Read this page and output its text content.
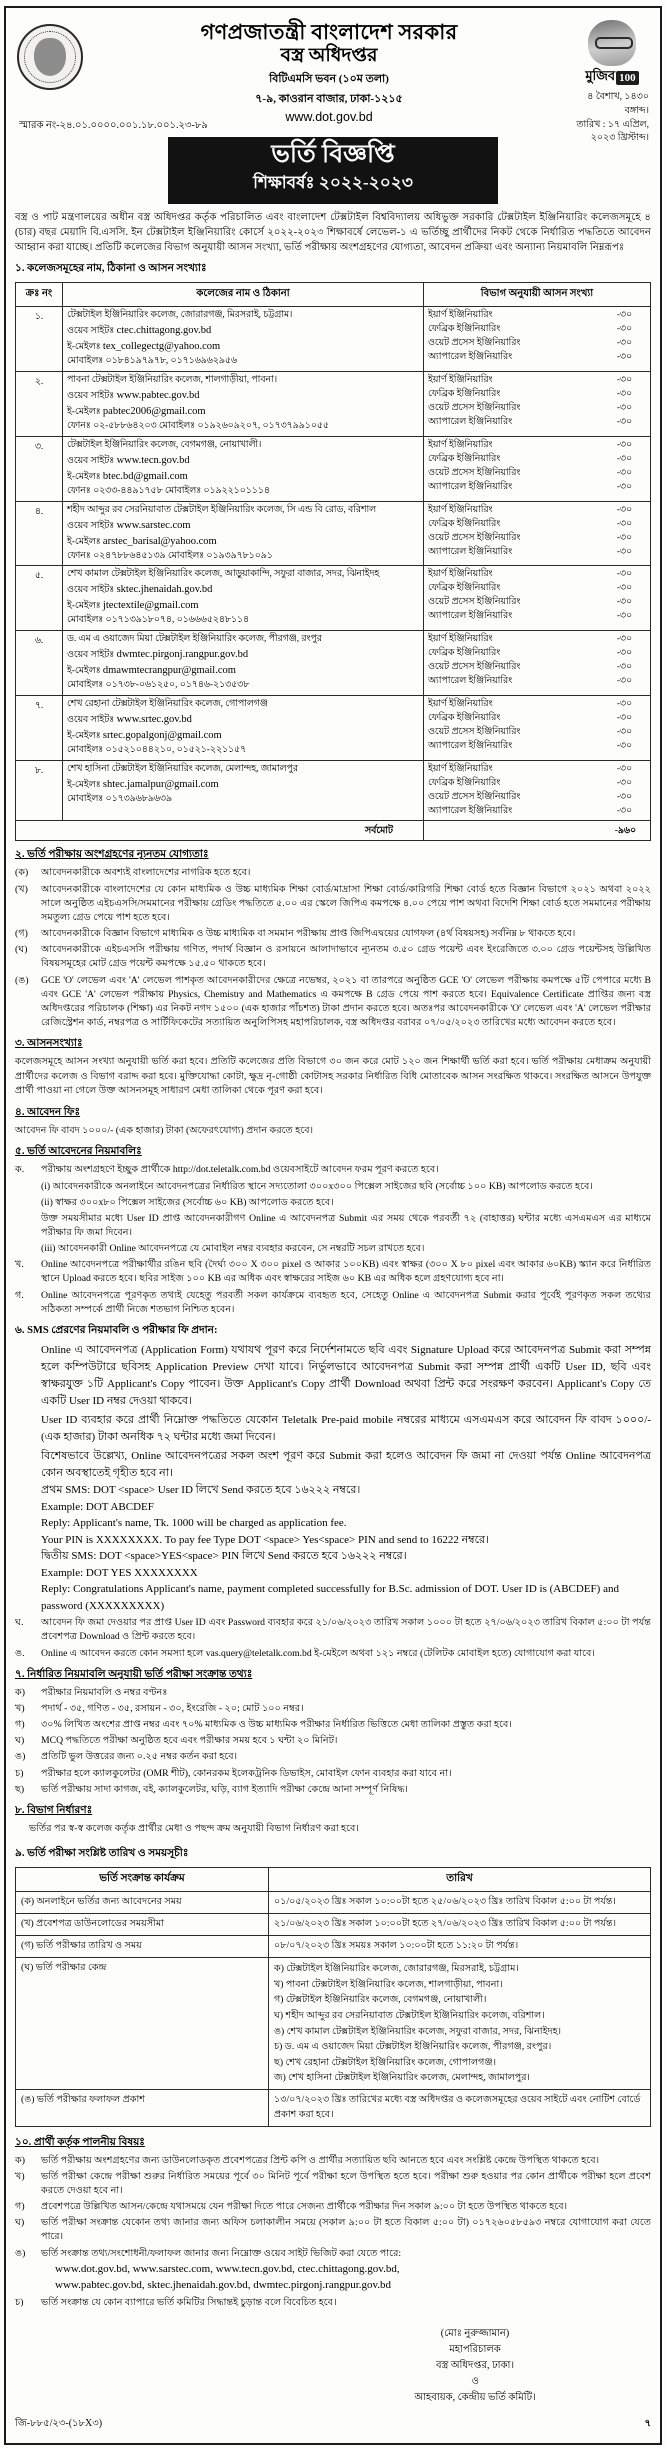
গণপ্রজাতন্ত্রী বাংলাদেশ সরকার
বস্ত্র অধিদপ্তর
বিটিএমসি ভবন (১০ম তলা)
৭-৯, কাওরান বাজার, ঢাকা-১২১৫
www.dot.gov.bd
মুজিব 100
৪ বৈশাখ, ১৪৩০ বঙ্গাব্দ।
তারিখ : ১৭ এপ্রিল, ২০২৩ খ্রিস্টাব্দ।
স্মারক নং-২৪.০১.০০০০.০০১.১৮.০০১.২৩-৮৯
ভর্তি বিজ্ঞপ্তি
শিক্ষাবর্ষঃ ২০২২-২০২৩
বস্ত্র ও পাট মন্ত্রণালয়ের অধীন বস্ত্র অধিদপ্তর কর্তৃক পরিচালিত এবং বাংলাদেশ টেক্সটাইল বিশ্ববিদ্যালয় অধিভুক্ত সরকারি টেক্সটাইল ইঞ্জিনিয়ারিং কলেজসমূহে ৪ (চার) বছর মেয়াদি বি.এসসি. ইন টেক্সটাইল ইঞ্জিনিয়ারিং কোর্সে ২০২২-২০২৩ শিক্ষাবর্ষে লেভেল-১ এ ভর্তিচ্ছু প্রার্থীদের নিকট থেকে নির্ধারিত পদ্ধতিতে আবেদন আহ্বান করা যাচ্ছে। প্রতিটি কলেজের বিভাগ অনুযায়ী আসন সংখ্যা, ভর্তি পরীক্ষায় অংশগ্রহণের যোগ্যতা, আবেদন প্রক্রিয়া এবং অন্যান্য নিয়মাবলি নিম্নরূপঃ
১. কলেজসমূহের নাম, ঠিকানা ও আসন সংখ্যাঃ
ক্রঃ নং	কলেজের নাম ও ঠিকানা	বিভাগ অনুযায়ী আসন সংখ্যা
১.	টেক্সটাইল ইঞ্জিনিয়ারিং কলেজ, জোরারগঞ্জ, মিরসরাই, চট্টগ্রাম।
ওয়েব সাইটঃ ctec.chittagong.gov.bd
ই-মেইলঃ tex_collegectg@yahoo.com
মোবাইলঃ ০১৮৪১৯৭৯৭৮, ০১৭১৬৯৬২৯৫৬

ইয়ার্ণ ইঞ্জিনিয়ারিং	-৩০
ফেব্রিক ইঞ্জিনিয়ারিং	-৩০
ওয়েট প্রসেস ইঞ্জিনিয়ারিং	-৩০
অ্যাপারেল ইঞ্জিনিয়ারিং	-৩০

২.	পাবনা টেক্সটাইল ইঞ্জিনিয়ারিং কলেজ, শালগাড়ীয়া, পাবনা।
ওয়েব সাইটঃ www.pabtec.gov.bd
ই-মেইলঃ pabtec2006@gmail.com
ফোনঃ ০২-৫৮৮৬৪২০৩ মোবাইলঃ ০১৯২৬০৯২০৭, ০১৭৩৭৯৯১০৫৫

ইয়ার্ণ ইঞ্জিনিয়ারিং	-৩০
ফেব্রিক ইঞ্জিনিয়ারিং	-৩০
ওয়েট প্রসেস ইঞ্জিনিয়ারিং	-৩০
অ্যাপারেল ইঞ্জিনিয়ারিং	-৩০

৩.	টেক্সটাইল ইঞ্জিনিয়ারিং কলেজ, বেগমগঞ্জ, নোয়াখালী।
ওয়েব সাইটঃ www.tecn.gov.bd
ই-মেইলঃ btec.bd@gmail.com
ফোনঃ ০২৩৩-৪৪৯১৭৫৮ মোবাইলঃ ০১৯২২১০১১১৪

ইয়ার্ণ ইঞ্জিনিয়ারিং	-৩০
ফেব্রিক ইঞ্জিনিয়ারিং	-৩০
ওয়েট প্রসেস ইঞ্জিনিয়ারিং	-৩০
অ্যাপারেল ইঞ্জিনিয়ারিং	-৩০

৪.	শহীদ আব্দুর রব সেরনিয়াবাত টেক্সটাইল ইঞ্জিনিয়ারিং কলেজ, সি এন্ড বি রোড, বরিশাল
ওয়েব সাইটঃ www.sarstec.com
ই-মেইলঃ arstec_barisal@yahoo.com
ফোনঃ ০২৪৭৮৮৬৪৫১৩৯ মোবাইলঃ ০১৯৩৯৭৮১০৯১

ইয়ার্ণ ইঞ্জিনিয়ারিং	-৩০
ফেব্রিক ইঞ্জিনিয়ারিং	-৩০
ওয়েট প্রসেস ইঞ্জিনিয়ারিং	-৩০
অ্যাপারেল ইঞ্জিনিয়ারিং	-৩০

৫.	শেখ কামাল টেক্সটাইল ইঞ্জিনিয়ারিং কলেজ, আড়ুয়াকান্দি, সফুরা বাজার, সদর, ঝিনাইদহ
ওয়েব সাইটঃ sktec.jhenaidah.gov.bd
ই-মেইলঃ jtectextile@gmail.com
মোবাইলঃ ০১৭১৩৯১৮০৭৪, ০১৬৬৬৫২৪৮১১৪

ইয়ার্ণ ইঞ্জিনিয়ারিং	-৩০
ফেব্রিক ইঞ্জিনিয়ারিং	-৩০
ওয়েট প্রসেস ইঞ্জিনিয়ারিং	-৩০
অ্যাপারেল ইঞ্জিনিয়ারিং	-৩০

৬.	ড. এম এ ওয়াজেদ মিয়া টেক্সটাইল ইঞ্জিনিয়ারিং কলেজ, পীরগঞ্জ, রংপুর
ওয়েব সাইটঃ dwmtec.pirgonj.rangpur.gov.bd
ই-মেইলঃ dmawmtecrangpur@gmail.com
মোবাইলঃ ০১৭৩৮-০৬১২৫০, ০১৭৪৬-২১৩৫৩৮

ইয়ার্ণ ইঞ্জিনিয়ারিং	-৩০
ফেব্রিক ইঞ্জিনিয়ারিং	-৩০
ওয়েট প্রসেস ইঞ্জিনিয়ারিং	-৩০
অ্যাপারেল ইঞ্জিনিয়ারিং	-৩০

৭.	শেখ রেহানা টেক্সটাইল ইঞ্জিনিয়ারিং কলেজ, গোপালগঞ্জ
ওয়েব সাইটঃ www.srtec.gov.bd
ই-মেইলঃ srtec.gopalgonj@gmail.com
মোবাইলঃ ০১৫২১০৪৪২১০, ০১৫২১-২২১১৫৭

ইয়ার্ণ ইঞ্জিনিয়ারিং	-৩০
ফেব্রিক ইঞ্জিনিয়ারিং	-৩০
ওয়েট প্রসেস ইঞ্জিনিয়ারিং	-৩০
অ্যাপারেল ইঞ্জিনিয়ারিং	-৩০

৮.	শেখ হাসিনা টেক্সটাইল ইঞ্জিনিয়ারিং কলেজ, মেলান্দহ, জামালপুর
ই-মেইলঃ shtec.jamalpur@gmail.com
মোবাইলঃ ০১৭৩৯৬৮৯৬৩৯

ইয়ার্ণ ইঞ্জিনিয়ারিং	-৩০
ফেব্রিক ইঞ্জিনিয়ারিং	-৩০
ওয়েট প্রসেস ইঞ্জিনিয়ারিং	-৩০
অ্যাপারেল ইঞ্জিনিয়ারিং	-৩০

সর্বমোট		-৯৬০
২. ভর্তি পরীক্ষায় অংশগ্রহণের ন্যূনতম যোগ্যতাঃ
(ক)	আবেদনকারীকে অবশ্যই বাংলাদেশের নাগরিক হতে হবে।
(খ)	আবেদনকারীকে বাংলাদেশের যে কোন মাধ্যমিক ও উচ্চ মাধ্যমিক শিক্ষা বোর্ড/মাদ্রাসা শিক্ষা বোর্ড/কারিগরি শিক্ষা বোর্ড হতে বিজ্ঞান বিভাগে ২০২১ অথবা ২০২২ সালে অনুষ্ঠিত এইচএসসি/সমমানের পরীক্ষায় গ্রেডিং পদ্ধতিতে ৫.০০ এর স্কেলে জিপিএ কমপক্ষে ৪.০০ পেয়ে পাশ অথবা বিদেশি শিক্ষা বোর্ড হতে সমমানের পরীক্ষায় সমতুল্য গ্রেড পেয়ে পাশ হতে হবে।
(গ)	আবেদনকারীকে বিজ্ঞান বিভাগে মাধ্যমিক ও উচ্চ মাধ্যমিক বা সমমান পরীক্ষায় প্রাপ্ত জিপিএদ্বয়ের যোগফল (৪র্থ বিষয়সহ) সর্বনিম্ন ৮ থাকতে হবে।
(ঘ)	আবেদনকারীকে এইচএসসি পরীক্ষায় গণিত, পদার্থ বিজ্ঞান ও রসায়নে আলাদাভাবে ন্যূনতম ৩.৫০ গ্রেড পয়েন্ট এবং ইংরেজিতে ৩.০০ গ্রেড পয়েন্টসহ উল্লিখিত বিষয়সমূহের মোট গ্রেড পয়েন্ট কমপক্ষে ১৫.৫০ থাকতে হবে।
(ঙ)	GCE 'O' লেভেল এবং 'A' লেভেল পাশকৃত আবেদনকারীদের ক্ষেত্রে নভেম্বর, ২০২১ বা তারপরে অনুষ্ঠিত GCE 'O' লেভেল পরীক্ষায় কমপক্ষে ৫টি পেপারে মধ্যে B এবং GCE 'A' লেভেল পরীক্ষায় Physics, Chemistry and Mathematics এ কমপক্ষে B গ্রেড পেয়ে পাশ করতে হবে। Equivalence Certificate প্রাপ্তির জন্য বস্ত্র অধিদপ্তরের পরিচালক (শিক্ষা) এর নিকট নগদ ১৫০০ (এক হাজার পাঁচশত) টাকা প্রদান করতে হবে। অতঃপর আবেদনকারীকে 'O' লেভেল এবং 'A' লেভেল পরীক্ষার রেজিস্ট্রেশন কার্ড, নম্বরপত্র ও সার্টিফিকেটের সত্যায়িত অনুলিপিসহ মহাপরিচালক, বস্ত্র অধিদপ্তর বরাবর ০৭/০৫/২০২৩ তারিখের মধ্যে আবেদন করতে হবে।
৩. আসনসংখ্যাঃ
কলেজসমূহে আসন সংখ্যা অনুযায়ী ভর্তি করা হবে। প্রতিটি কলেজের প্রতি বিভাগে ৩০ জন করে মোট ১২০ জন শিক্ষার্থী ভর্তি করা হবে। ভর্তি পরীক্ষায় মেধাক্রম অনুযায়ী প্রার্থীদের কলেজ ও বিভাগ বরাদ্দ করা হবে। মুক্তিযোদ্ধা কোটা, ক্ষুদ্র নৃ-গোষ্ঠী কোটাসহ সরকার নির্ধারিত বিধি মোতাবেক আসন সংরক্ষিত থাকবে। সংরক্ষিত আসনে উপযুক্ত প্রার্থী পাওয়া না গেলে উক্ত আসনসমূহ সাধারণ মেধা তালিকা থেকে পূরণ করা হবে।
৪. আবেদন ফিঃ
আবেদন ফি বাবদ ১০০০/- (এক হাজার) টাকা (অফেরৎযোগ্য) প্রদান করতে হবে।
৫. ভর্তি আবেদনের নিয়মাবলিঃ
ক.	পরীক্ষায় অংশগ্রহণে ইচ্ছুক প্রার্থীকে http://dot.teletalk.com.bd ওয়েবসাইটে আবেদন ফরম পূরণ করতে হবে।
(i) আবেদনকারীকে অনলাইনে আবেদনপত্রের নির্ধারিত স্থানে সদ্যতোলা ৩০০x৩০০ পিক্সেল সাইজের ছবি (সর্বোচ্চ ১০০ KB) আপলোড করতে হবে।
(ii) স্বাক্ষর ৩০০x৮০ পিক্সেল সাইজের (সর্বোচ্চ ৬০ KB) আপলোড করতে হবে।
উক্ত সময়সীমার মধ্যে User ID প্রাপ্ত আবেদনকারীগণ Online এ আবেদনপত্র Submit এর সময় থেকে পরবর্তী ৭২ (বাহাত্তর) ঘন্টার মধ্যে এসএমএস এর মাধ্যমে পরীক্ষার ফি জমা দিবেন।
(iii) আবেদনকারী Online আবেদনপত্রে যে মোবাইল নম্বর ব্যবহার করবেন, সে নম্বরটি সচল রাখতে হবে।
খ.	Online আবেদনপত্রে পরীক্ষার্থীর রঙিন ছবি (দৈর্ঘ্য ৩০০ X ৩০০ pixel ও আকার ১০০KB) এবং স্বাক্ষর (৩০০ X ৮০ pixel এবং আকার ৬০KB) স্ক্যান করে নির্ধারিত স্থানে Upload করতে হবে। ছবির সাইজ ১০০ KB এর অধিক এবং স্বাক্ষরের সাইজ ৬০ KB এর অধিক হলে গ্রহণযোগ্য হবে না।
গ.	Online আবেদনপত্রে পূরণকৃত তথ্যই যেহেতু পরবর্তী সকল কার্যক্রমে ব্যবহৃত হবে, সেহেতু Online এ আবেদনপত্র Submit করার পূর্বেই পূরণকৃত সকল তথ্যের সঠিকতা সম্পর্কে প্রার্থী নিজে শতভাগ নিশ্চিত হবেন।
৬. SMS প্রেরণের নিয়মাবলি ও পরীক্ষার ফি প্রদান:
Online এ আবেদনপত্র (Application Form) যথাযথ পূরণ করে নির্দেশনামতে ছবি এবং Signature Upload করে আবেদনপত্র Submit করা সম্পন্ন হলে কম্পিউটারে ছবিসহ Application Preview দেখা যাবে। নির্ভুলভাবে আবেদনপত্র Submit করা সম্পন্ন প্রার্থী একটি User ID, ছবি এবং স্বাক্ষরযুক্ত ১টি Applicant's Copy পাবেন। উক্ত Applicant's Copy প্রার্থী Download অথবা প্রিন্ট করে সংরক্ষণ করবেন। Applicant's Copy তে একটি User ID নম্বর দেওয়া থাকবে।
User ID ব্যবহার করে প্রার্থী নিম্নোক্ত পদ্ধতিতে যেকোন Teletalk Pre-paid mobile নম্বরের মাধ্যমে এসএমএস করে আবেদন ফি বাবদ ১০০০/- (এক হাজার) টাকা অনধিক ৭২ ঘন্টার মধ্যে জমা দিবেন।
বিশেষভাবে উল্লেখ্য, Online আবেদনপত্রের সকল অংশ পূরণ করে Submit করা হলেও আবেদন ফি জমা না দেওয়া পর্যন্ত Online আবেদনপত্র কোন অবস্থাতেই গৃহীত হবে না।
প্রথম SMS: DOT <space> User ID লিখে Send করতে হবে ১৬২২২ নম্বরে।
Example: DOT ABCDEF
Reply: Applicant's name, Tk. 1000 will be charged as application fee.
Your PIN is XXXXXXXX. To pay fee Type DOT <space> Yes<space> PIN and send to 16222 নম্বরে।
দ্বিতীয় SMS: DOT <space>YES<space> PIN লিখে Send করতে হবে ১৬২২২ নম্বরে।
Example: DOT YES XXXXXXXX
Reply: Congratulations Applicant's name, payment completed successfully for B.Sc. admission of DOT. User ID is (ABCDEF) and password (XXXXXXXXX)
ঘ.	আবেদন ফি জমা দেওয়ার পর প্রাপ্ত User ID এবং Password ব্যবহার করে ২১/০৬/২০২৩ তারিখ সকাল ১০০০ টা হতে ২৭/০৬/২০২৩ তারিখ বিকাল ৫:০০ টা পর্যন্ত প্রবেশপত্র Download ও প্রিন্ট করতে হবে।
ঙ.	Online এ আবেদন করতে কোন সমস্যা হলে vas.query@teletalk.com.bd ই-মেইলে অথবা ১২১ নম্বরে (টেলিটক মোবাইল হতে) যোগাযোগ করা যাবে।
৭. নির্ধারিত নিয়মাবলি অনুযায়ী ভর্তি পরীক্ষা সংক্রান্ত তথ্যঃ
ক)	পরীক্ষার নিয়মাবলি ও নম্বর বণ্টনঃ
খ)	পদার্থ - ৩৫, গণিত - ৩৫, রসায়ন - ৩০, ইংরেজি - ২০; মোট ১০০ নম্বর।
গ)	৩০% লিখিত অংশের প্রাপ্ত নম্বর এবং ৭০% মাধ্যমিক ও উচ্চ মাধ্যমিক পরীক্ষার নির্ধারিত ভিত্তিতে মেধা তালিকা প্রস্তুত করা হবে।
ঘ)	MCQ পদ্ধতিতে পরীক্ষা অনুষ্ঠিত হবে এবং পরীক্ষার সময় হবে ১ ঘন্টা ২০ মিনিট।
ঙ)	প্রতিটি ভুল উত্তরের জন্য ০.২৫ নম্বর কর্তন করা হবে।
চ)	পরীক্ষার হলে ক্যালকুলেটর (OMR শীট), কোনরকম ইলেকট্রনিক ডিভাইস, মোবাইল ফোন ব্যবহার করা যাবে না।
ছ)	ভর্তি পরীক্ষায় সাদা কাগজ, বই, ক্যালকুলেটর, ঘড়ি, ব্যাগ ইত্যাদি পরীক্ষা কেন্দ্রে আনা সম্পূর্ণ নিষিদ্ধ।
৮. বিভাগ নির্ধারণঃ
ভর্তির পর স্ব-স্ব কলেজ কর্তৃক প্রার্থীর মেধা ও পছন্দ ক্রম অনুযায়ী বিভাগ নির্ধারণ করা হবে।
৯. ভর্তি পরীক্ষা সংশ্লিষ্ট তারিখ ও সময়সূচীঃ
ভর্তি সংক্রান্ত কার্যক্রম	তারিখ
(ক) অনলাইনে ভর্তির জন্য আবেদনের সময়	০১/০৫/২০২৩ খ্রিঃ সকাল ১০:০০টা হতে ২৫/০৬/২০২৩ খ্রিঃ তারিখ বিকাল ৫:০০ টা পর্যন্ত।
(খ) প্রবেশপত্র ডাউনলোডের সময়সীমা	২১/০৬/২০২৩ খ্রিঃ সকাল ১০:০০টা হতে ২৭/০৬/২০২৩ খ্রিঃ তারিখ বিকাল ৫:০০ টা পর্যন্ত।
(গ) ভর্তি পরীক্ষার তারিখ ও সময়	০৮/০৭/২০২৩ খ্রিঃ সময়ঃ সকাল ১০:০০টা হতে ১১:২০ টা পর্যন্ত।
(ঘ) ভর্তি পরীক্ষার কেন্দ্র	ক) টেক্সটাইল ইঞ্জিনিয়ারিং কলেজ, জোরারগঞ্জ, মিরসরাই, চট্টগ্রাম।
খ) পাবনা টেক্সটাইল ইঞ্জিনিয়ারিং কলেজ, শালগাড়ীয়া, পাবনা।
গ) টেক্সটাইল ইঞ্জিনিয়ারিং কলেজ, বেগমগঞ্জ, নোয়াখালী।
ঘ) শহীদ আব্দুর রব সেরনিয়াবাত টেক্সটাইল ইঞ্জিনিয়ারিং কলেজ, বরিশাল।
ঙ) শেখ কামাল টেক্সটাইল ইঞ্জিনিয়ারিং কলেজ, সফুরা বাজার, সদর, ঝিনাইদহ।
চ) ড. এম এ ওয়াজেদ মিয়া টেক্সটাইল ইঞ্জিনিয়ারিং কলেজ, পীরগঞ্জ, রংপুর।
ছ) শেখ রেহানা টেক্সটাইল ইঞ্জিনিয়ারিং কলেজ, গোপালগঞ্জ।
জ) শেখ হাসিনা টেক্সটাইল ইঞ্জিনিয়ারিং কলেজ, মেলান্দহ, জামালপুর।

(ঙ) ভর্তি পরীক্ষার ফলাফল প্রকাশ	১৩/০৭/২০২৩ খ্রিঃ তারিখের মধ্যে বস্ত্র অধিদপ্তর ও কলেজসমূহের ওয়েব সাইটে এবং নোটিশ বোর্ডে প্রকাশ করা হবে।
১০. প্রার্থী কর্তৃক পালনীয় বিষয়ঃ
ক)	ভর্তি পরীক্ষায় অংশগ্রহণের জন্য ডাউনলোডকৃত প্রবেশপত্রের প্রিন্ট কপি ও প্রার্থীর সত্যায়িত ছবি আনতে হবে এবং সংশ্লিষ্ট কেন্দ্রে উপস্থিত থাকতে হবে।
খ)	ভর্তি পরীক্ষা কেন্দ্রে পরীক্ষা শুরুর নির্ধারিত সময়ের পূর্বে ৩০ মিনিট পূর্বে পরীক্ষা হলে উপস্থিত হতে হবে। পরীক্ষা শুরু হওয়ার পর কোন প্রার্থীকে পরীক্ষা হলে প্রবেশ করতে দেওয়া হবে না।
গ)	প্রবেশপত্রে উল্লিখিত আসন/কেন্দ্রে যথাসময়ে যেন পরীক্ষা দিতে পারে সেজন্য প্রার্থীকে পরীক্ষার দিন সকাল ৯:০০ টা হতে উপস্থিত থাকতে হবে।
ঘ)	ভর্তি পরীক্ষা সংক্রান্ত যেকোন তথ্য জানার জন্য অফিস চলাকালীন সময়ে (সকাল ৯:০০ টা হতে বিকাল ৫:০০ টা) ০১৭২৬০৫৮৫৯৩ নম্বরে যোগাযোগ করা যেতে পারে।
ঙ)	ভর্তি সংক্রান্ত তথ্য/সংশোধনী/ফলাফল জানার জন্য নিম্নোক্ত ওয়েব সাইট ভিজিট করা যেতে পারে:
www.dot.gov.bd, www.sarstec.com, www.tecn.gov.bd, ctec.chittagong.gov.bd,
www.pabtec.gov.bd, sktec.jhenaidah.gov.bd, dwmtec.pirgonj.rangpur.gov.bd
চ)	ভর্তি সংক্রান্ত যে কোন ব্যাপারে ভর্তি কমিটির সিদ্ধান্তই চুড়ান্ত বলে বিবেচিত হবে।
(মোঃ নুরুজ্জামান)
মহাপরিচালক
বস্ত্র অধিদপ্তর, ঢাকা।
ও
আহবায়ক, কেন্দ্রীয় ভর্তি কমিটি।
জি-৮৮৫/২৩-(১৮X৩)	৭
